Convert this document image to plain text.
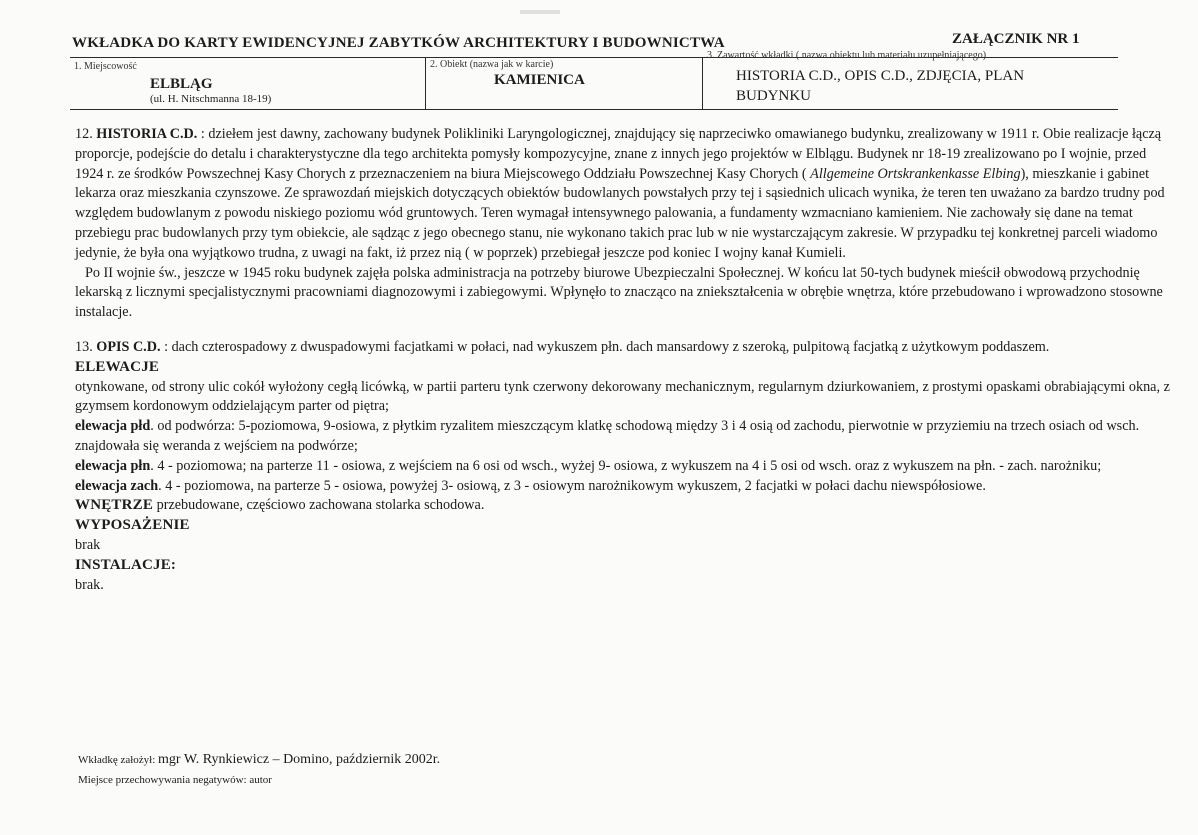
WKŁADKA DO KARTY EWIDENCYJNEJ ZABYTKÓW ARCHITEKTURY I BUDOWNICTWA	ZAŁĄCZNIK NR 1
1. Miejscowość
ELBLĄG
(ul. H. Nitschmanna 18-19)
2. Obiekt (nazwa jak w karcie)
KAMIENICA
3. Zawartość wkładki ( nazwa obiektu lub materiału uzupełniającego)
HISTORIA C.D., OPIS C.D., ZDJĘCIA, PLAN BUDYNKU

12. HISTORIA C.D. : dziełem jest dawny, zachowany budynek Polikliniki Laryngologicznej, znajdujący się naprzeciwko omawianego budynku, zrealizowany w 1911 r. Obie realizacje łączą proporcje, podejście do detalu i charakterystyczne dla tego architekta pomysły kompozycyjne, znane z innych jego projektów w Elblągu. Budynek nr 18-19 zrealizowano po I wojnie, przed 1924 r. ze środków Powszechnej Kasy Chorych z przeznaczeniem na biura Miejscowego Oddziału Powszechnej Kasy Chorych ( Allgemeine Ortskrankenkasse Elbing), mieszkanie i gabinet lekarza oraz mieszkania czynszowe. Ze sprawozdań miejskich dotyczących obiektów budowlanych powstałych przy tej i sąsiednich ulicach wynika, że teren ten uważano za bardzo trudny pod względem budowlanym z powodu niskiego poziomu wód gruntowych. Teren wymagał intensywnego palowania, a fundamenty wzmacniano kamieniem. Nie zachowały się dane na temat przebiegu prac budowlanych przy tym obiekcie, ale sądząc z jego obecnego stanu, nie wykonano takich prac lub w nie wystarczającym zakresie. W przypadku tej konkretnej parceli wiadomo jedynie, że była ona wyjątkowo trudna, z uwagi na fakt, iż przez nią ( w poprzek) przebiegał jeszcze pod koniec I wojny kanał Kumieli.

Po II wojnie św., jeszcze w 1945 roku budynek zajęła polska administracja na potrzeby biurowe Ubezpieczalni Społecznej. W końcu lat 50-tych budynek mieścił obwodową przychodnię lekarską z licznymi specjalistycznymi pracowniami diagnozowymi i zabiegowymi. Wpłynęło to znacząco na zniekształcenia w obrębie wnętrza, które przebudowano i wprowadzono stosowne instalacje.

13. OPIS C.D. : dach czterospadowy z dwuspadowymi facjatkami w połaci, nad wykuszem płn. dach mansardowy z szeroką, pulpitową facjatką z użytkowym poddaszem.

ELEWACJE

otynkowane, od strony ulic cokół wyłożony cegłą licówką, w partii parteru tynk czerwony dekorowany mechanicznym, regularnym dziurkowaniem, z prostymi opaskami obrabiającymi okna, z gzymsem kordonowym oddzielającym parter od piętra;

elewacja płd. od podwórza: 5-poziomowa, 9-osiowa, z płytkim ryzalitem mieszczącym klatkę schodową między 3 i 4 osią od zachodu, pierwotnie w przyziemiu na trzech osiach od wsch. znajdowała się weranda z wejściem na podwórze;

elewacja płn. 4 - poziomowa; na parterze 11 - osiowa, z wejściem na 6 osi od wsch., wyżej 9- osiowa, z wykuszem na 4 i 5 osi od wsch. oraz z wykuszem na płn. - zach. narożniku;

elewacja zach. 4 - poziomowa, na parterze 5 - osiowa, powyżej 3- osiową, z 3 - osiowym narożnikowym wykuszem, 2 facjatki w połaci dachu niewspółosiowe.

WNĘTRZE przebudowane, częściowo zachowana stolarka schodowa.

WYPOSAŻENIE

brak

INSTALACJE:

brak.

Wkładkę założył: mgr W. Rynkiewicz – Domino, październik 2002r.
Miejsce przechowywania negatywów: autor
